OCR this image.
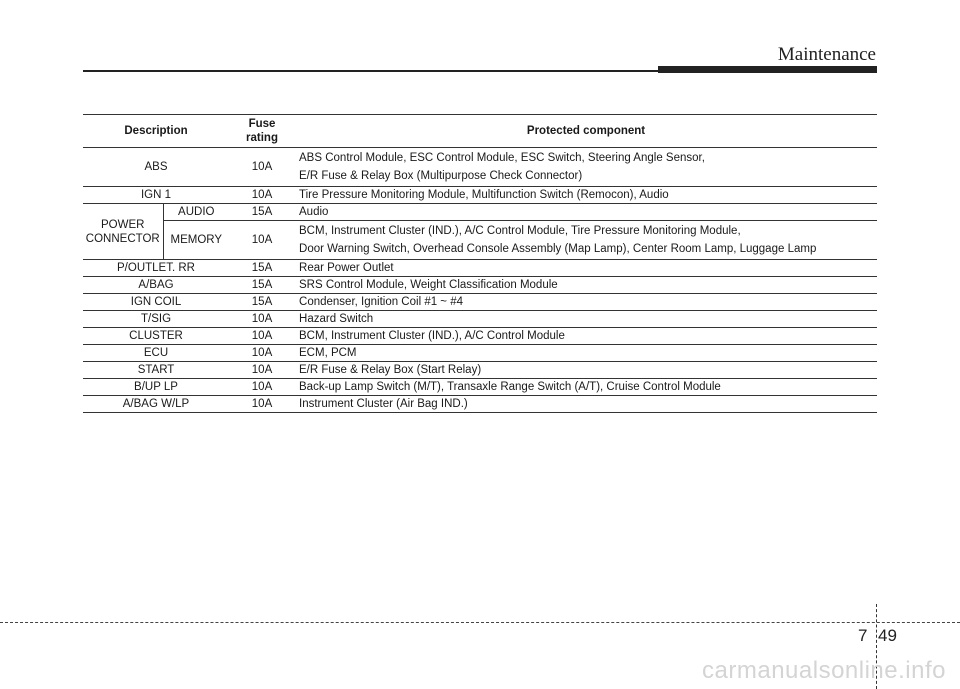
Maintenance
Description		Fuse rating	Protected component
ABS		10A	ABS Control Module, ESC Control Module, ESC Switch, Steering Angle Sensor,
E/R Fuse & Relay Box (Multipurpose Check Connector)

IGN 1		10A	Tire Pressure Monitoring Module, Multifunction Switch (Remocon), Audio
POWER
CONNECTOR	AUDIO	15A	Audio
	MEMORY	10A	BCM, Instrument Cluster (IND.), A/C Control Module, Tire Pressure Monitoring Module,
Door Warning Switch, Overhead Console Assembly (Map Lamp), Center Room Lamp, Luggage Lamp

P/OUTLET. RR		15A	Rear Power Outlet
A/BAG		15A	SRS Control Module, Weight Classification Module
IGN COIL		15A	Condenser, Ignition Coil #1 ~ #4
T/SIG		10A	Hazard Switch
CLUSTER		10A	BCM, Instrument Cluster (IND.), A/C Control Module
ECU		10A	ECM, PCM
START		10A	E/R Fuse & Relay Box (Start Relay)
B/UP LP		10A	Back-up Lamp Switch (M/T), Transaxle Range Switch (A/T), Cruise Control Module
A/BAG W/LP		10A	Instrument Cluster (Air Bag IND.)
7 49
carmanualsonline.info
